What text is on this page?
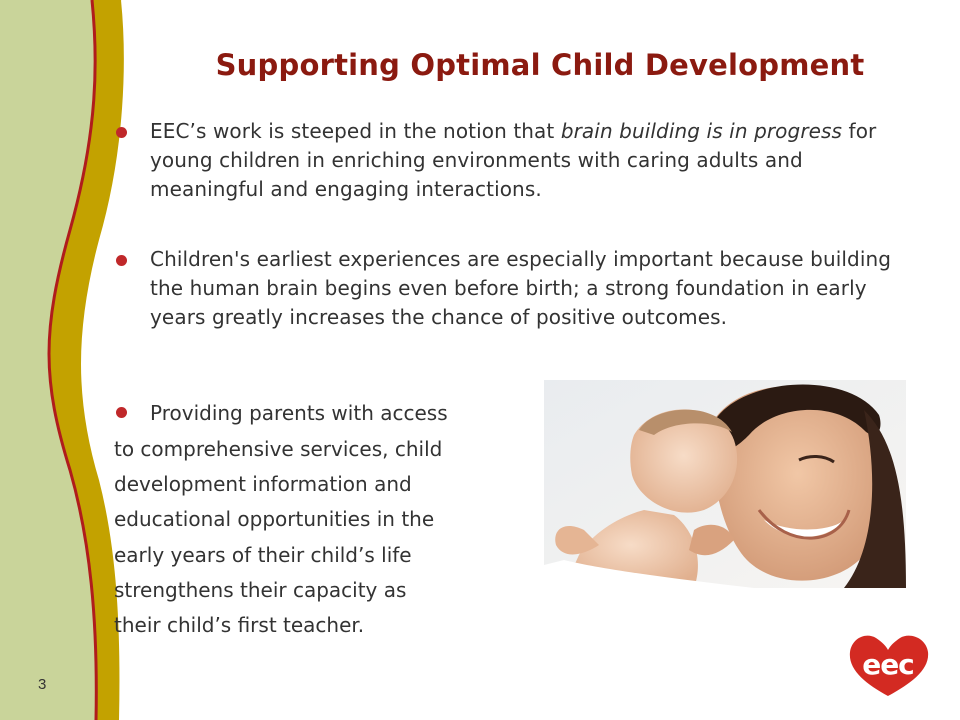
Supporting Optimal Child Development
EEC’s work is steeped in the notion that brain building is in progress for young children in enriching environments with caring adults and meaningful and engaging interactions.
Children's earliest experiences are especially important because building the human brain begins even before birth; a strong foundation in early years greatly increases the chance of positive outcomes.
Providing parents with access
to comprehensive services, child
development information and
educational opportunities in the
early years of their child’s life
strengthens their capacity as
their child’s first teacher.
3
eec
